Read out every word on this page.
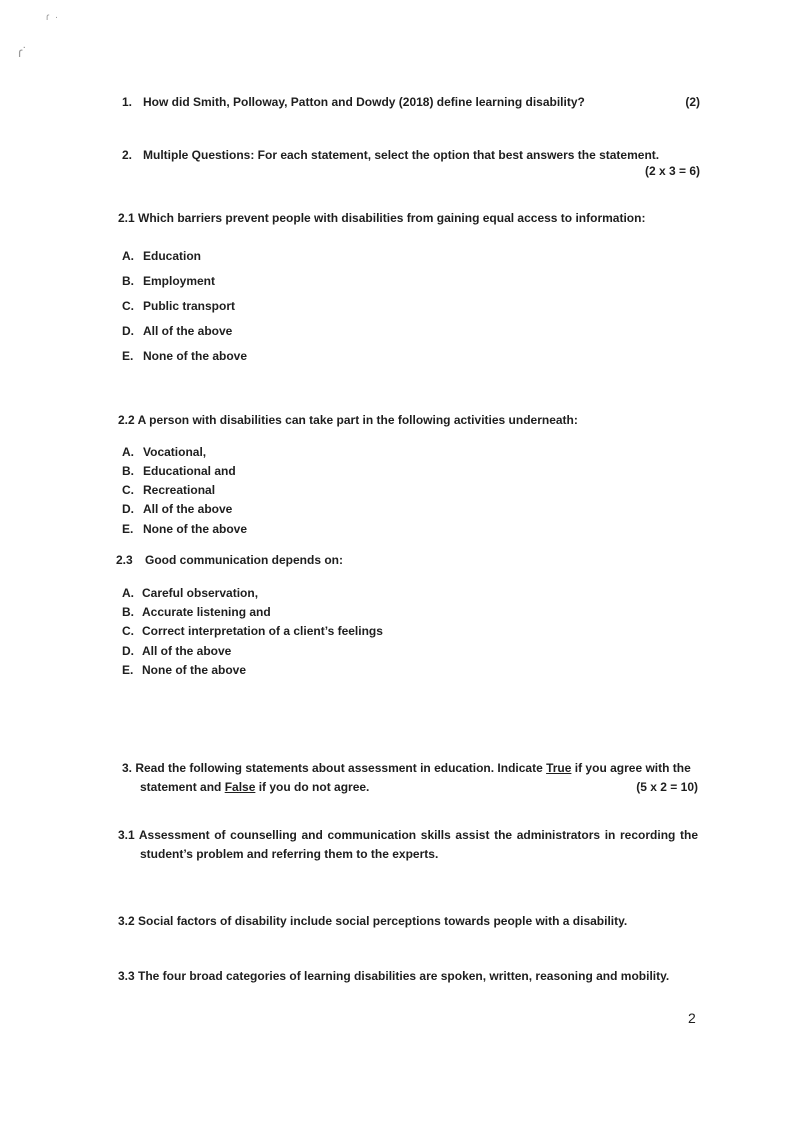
ɾ  ·
ɾ˙
1. How did Smith, Polloway, Patton and Dowdy (2018) define learning disability?	(2)
2. Multiple Questions: For each statement, select the option that best answers the statement.
(2 x 3 = 6)
2.1 Which barriers prevent people with disabilities from gaining equal access to information:
A. Education
B. Employment
C. Public transport
D. All of the above
E. None of the above
2.2 A person with disabilities can take part in the following activities underneath:
A. Vocational,
B. Educational and
C. Recreational
D. All of the above
E. None of the above
2.3 Good communication depends on:
A. Careful observation,
B. Accurate listening and
C. Correct interpretation of a client’s feelings
D. All of the above
E. None of the above
3. Read the following statements about assessment in education. Indicate True if you agree with the
statement and False if you do not agree.	(5 x 2 = 10)
3.1 Assessment of counselling and communication skills assist the administrators in recording the
student’s problem and referring them to the experts.
3.2 Social factors of disability include social perceptions towards people with a disability.
3.3 The four broad categories of learning disabilities are spoken, written, reasoning and mobility.
2
